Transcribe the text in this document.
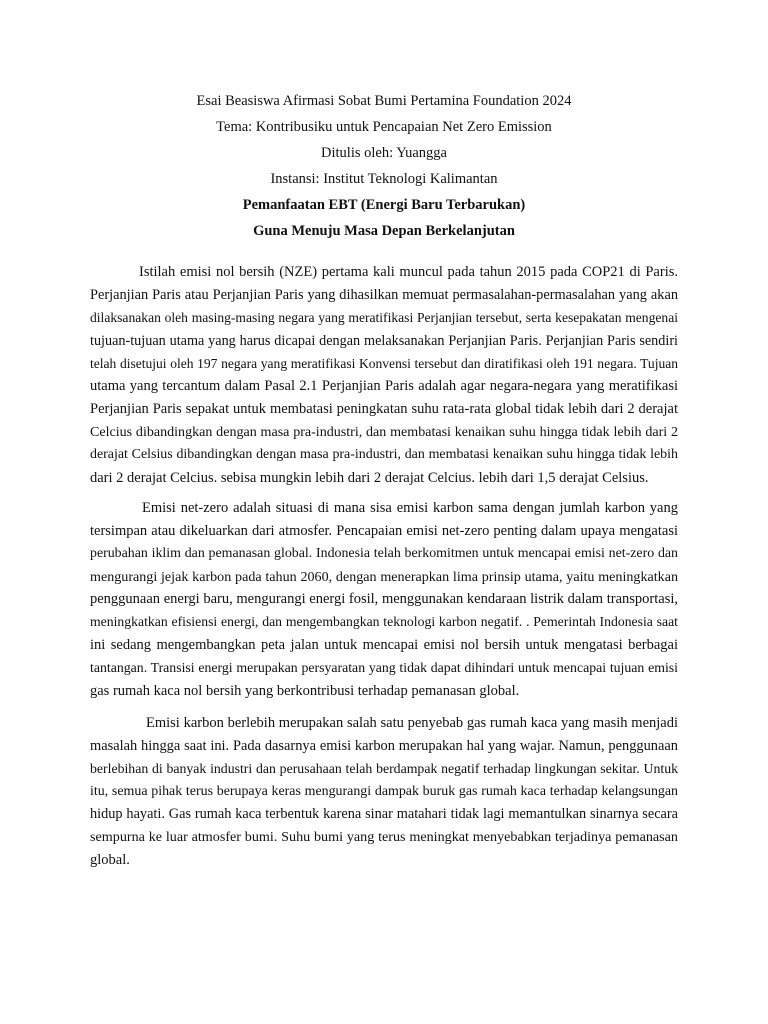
Esai Beasiswa Afirmasi Sobat Bumi Pertamina Foundation 2024
Tema: Kontribusiku untuk Pencapaian Net Zero Emission
Ditulis oleh: Yuangga
Instansi: Institut Teknologi Kalimantan
Pemanfaatan EBT (Energi Baru Terbarukan)
Guna Menuju Masa Depan Berkelanjutan
Istilah emisi nol bersih (NZE) pertama kali muncul pada tahun 2015 pada COP21 di Paris.
Perjanjian Paris atau Perjanjian Paris yang dihasilkan memuat permasalahan-permasalahan yang akan
dilaksanakan oleh masing-masing negara yang meratifikasi Perjanjian tersebut, serta kesepakatan mengenai
tujuan-tujuan utama yang harus dicapai dengan melaksanakan Perjanjian Paris. Perjanjian Paris sendiri
telah disetujui oleh 197 negara yang meratifikasi Konvensi tersebut dan diratifikasi oleh 191 negara. Tujuan
utama yang tercantum dalam Pasal 2.1 Perjanjian Paris adalah agar negara-negara yang meratifikasi
Perjanjian Paris sepakat untuk membatasi peningkatan suhu rata-rata global tidak lebih dari 2 derajat
Celcius dibandingkan dengan masa pra-industri, dan membatasi kenaikan suhu hingga tidak lebih dari 2
derajat Celsius dibandingkan dengan masa pra-industri, dan membatasi kenaikan suhu hingga tidak lebih
dari 2 derajat Celcius. sebisa mungkin lebih dari 2 derajat Celcius. lebih dari 1,5 derajat Celsius.
Emisi net-zero adalah situasi di mana sisa emisi karbon sama dengan jumlah karbon yang
tersimpan atau dikeluarkan dari atmosfer. Pencapaian emisi net-zero penting dalam upaya mengatasi
perubahan iklim dan pemanasan global. Indonesia telah berkomitmen untuk mencapai emisi net-zero dan
mengurangi jejak karbon pada tahun 2060, dengan menerapkan lima prinsip utama, yaitu meningkatkan
penggunaan energi baru, mengurangi energi fosil, menggunakan kendaraan listrik dalam transportasi,
meningkatkan efisiensi energi, dan mengembangkan teknologi karbon negatif. . Pemerintah Indonesia saat
ini sedang mengembangkan peta jalan untuk mencapai emisi nol bersih untuk mengatasi berbagai
tantangan. Transisi energi merupakan persyaratan yang tidak dapat dihindari untuk mencapai tujuan emisi
gas rumah kaca nol bersih yang berkontribusi terhadap pemanasan global.
Emisi karbon berlebih merupakan salah satu penyebab gas rumah kaca yang masih menjadi
masalah hingga saat ini. Pada dasarnya emisi karbon merupakan hal yang wajar. Namun, penggunaan
berlebihan di banyak industri dan perusahaan telah berdampak negatif terhadap lingkungan sekitar. Untuk
itu, semua pihak terus berupaya keras mengurangi dampak buruk gas rumah kaca terhadap kelangsungan
hidup hayati. Gas rumah kaca terbentuk karena sinar matahari tidak lagi memantulkan sinarnya secara
sempurna ke luar atmosfer bumi. Suhu bumi yang terus meningkat menyebabkan terjadinya pemanasan
global.
